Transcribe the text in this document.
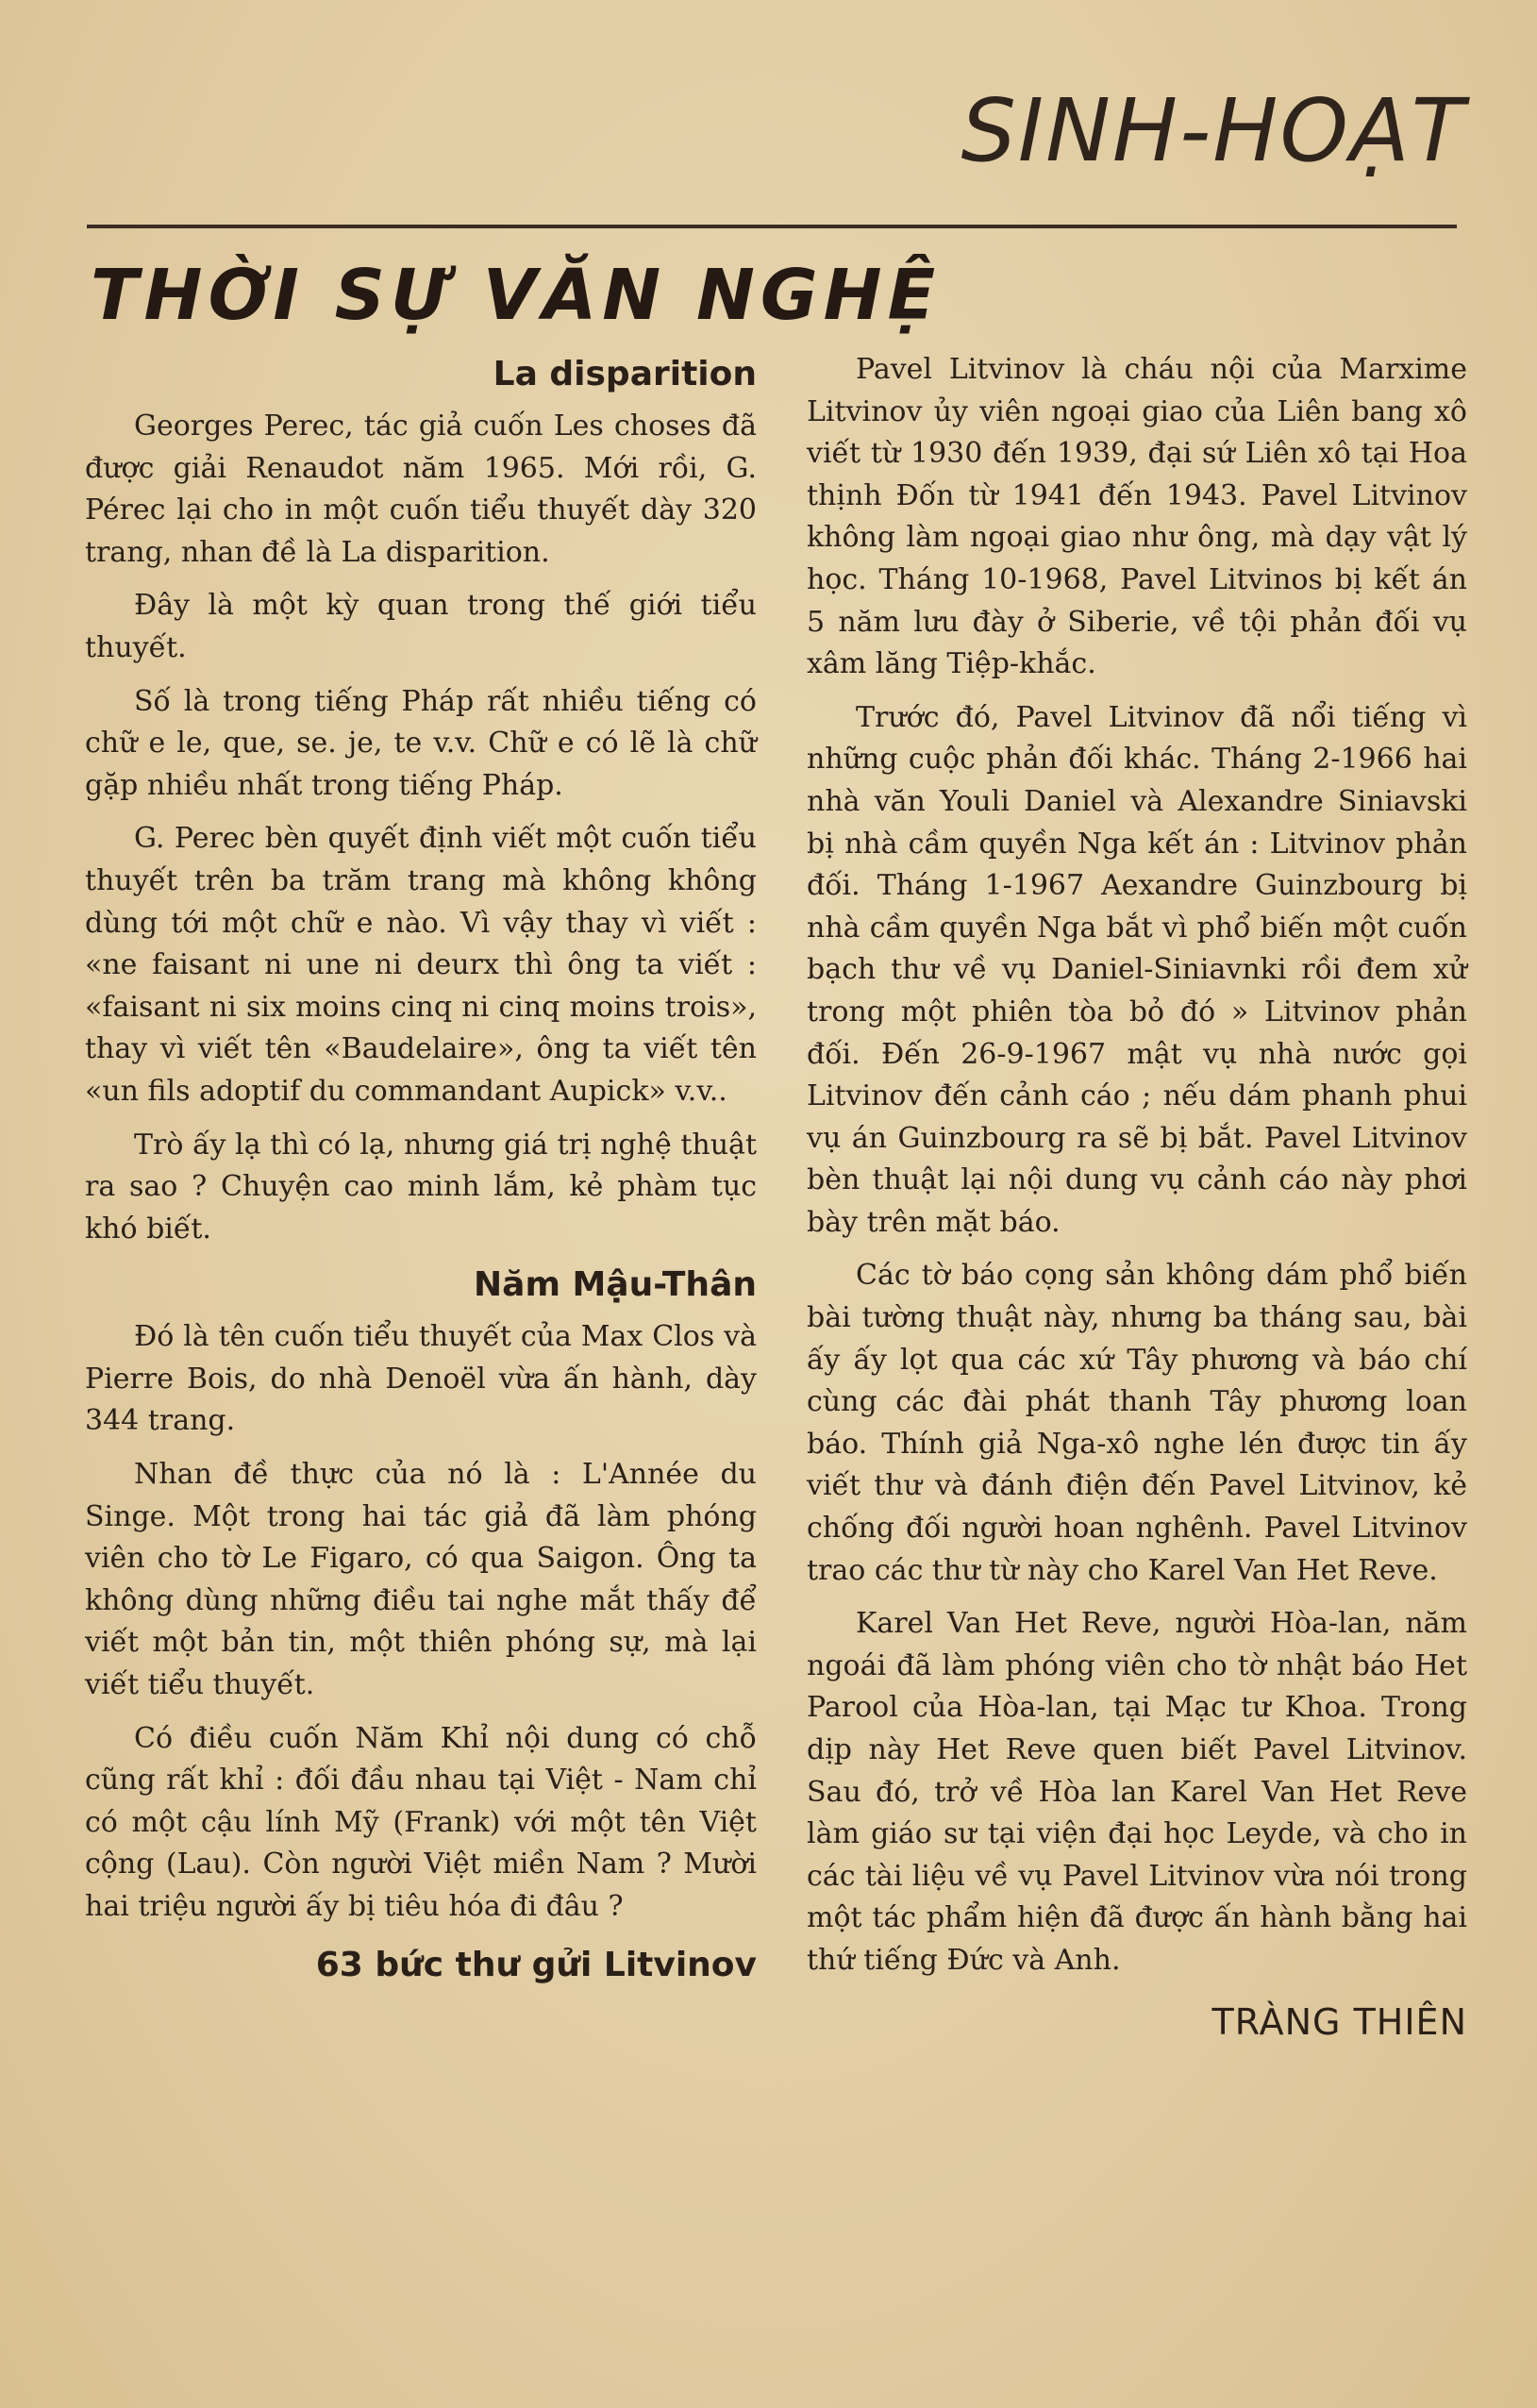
SINH-HOẠT
THỜI SỰ VĂN NGHỆ
La disparition

Georges Perec, tác giả cuốn Les choses đã được giải Renaudot năm 1965. Mới rồi, G. Pérec lại cho in một cuốn tiểu thuyết dày 320 trang, nhan đề là La disparition.

Đây là một kỳ quan trong thế giới tiểu thuyết.

Số là trong tiếng Pháp rất nhiều tiếng có chữ e le, que, se. je, te v.v. Chữ e có lẽ là chữ gặp nhiều nhất trong tiếng Pháp.

G. Perec bèn quyết định viết một cuốn tiểu thuyết trên ba trăm trang mà không không dùng tới một chữ e nào. Vì vậy thay vì viết : «ne faisant ni une ni deurx thì ông ta viết : «faisant ni six moins cinq ni cinq moins trois», thay vì viết tên «Baudelaire», ông ta viết tên «un fils adoptif du commandant Aupick» v.v..

Trò ấy lạ thì có lạ, nhưng giá trị nghệ thuật ra sao ? Chuyện cao minh lắm, kẻ phàm tục khó biết.

Năm Mậu-Thân

Đó là tên cuốn tiểu thuyết của Max Clos và Pierre Bois, do nhà Denoël vừa ấn hành, dày 344 trang.

Nhan đề thực của nó là : L'Année du Singe. Một trong hai tác giả đã làm phóng viên cho tờ Le Figaro, có qua Saigon. Ông ta không dùng những điều tai nghe mắt thấy để viết một bản tin, một thiên phóng sự, mà lại viết tiểu thuyết.

Có điều cuốn Năm Khỉ nội dung có chỗ cũng rất khỉ : đối đầu nhau tại Việt - Nam chỉ có một cậu lính Mỹ (Frank) với một tên Việt cộng (Lau). Còn người Việt miền Nam ? Mười hai triệu người ấy bị tiêu hóa đi đâu ?

63 bức thư gửi Litvinov

Pavel Litvinov là cháu nội của Marxime Litvinov ủy viên ngoại giao của Liên bang xô viết từ 1930 đến 1939, đại sứ Liên xô tại Hoa thịnh Đốn từ 1941 đến 1943. Pavel Litvinov không làm ngoại giao như ông, mà dạy vật lý học. Tháng 10-1968, Pavel Litvinos bị kết án 5 năm lưu đày ở Siberie, về tội phản đối vụ xâm lăng Tiệp-khắc.

Trước đó, Pavel Litvinov đã nổi tiếng vì những cuộc phản đối khác. Tháng 2-1966 hai nhà văn Youli Daniel và Alexandre Siniavski bị nhà cầm quyền Nga kết án : Litvinov phản đối. Tháng 1-1967 Aexandre Guinzbourg bị nhà cầm quyền Nga bắt vì phổ biến một cuốn bạch thư về vụ Daniel-Siniavnki rồi đem xử trong một phiên tòa bỏ đó » Litvinov phản đối. Đến 26-9-1967 mật vụ nhà nước gọi Litvinov đến cảnh cáo ; nếu dám phanh phui vụ án Guinzbourg ra sẽ bị bắt. Pavel Litvinov bèn thuật lại nội dung vụ cảnh cáo này phơi bày trên mặt báo.

Các tờ báo cọng sản không dám phổ biến bài tường thuật này, nhưng ba tháng sau, bài ấy ấy lọt qua các xứ Tây phương và báo chí cùng các đài phát thanh Tây phương loan báo. Thính giả Nga-xô nghe lén được tin ấy viết thư và đánh điện đến Pavel Litvinov, kẻ chống đối người hoan nghênh. Pavel Litvinov trao các thư từ này cho Karel Van Het Reve.

Karel Van Het Reve, người Hòa-lan, năm ngoái đã làm phóng viên cho tờ nhật báo Het Parool của Hòa-lan, tại Mạc tư Khoa. Trong dịp này Het Reve quen biết Pavel Litvinov. Sau đó, trở về Hòa lan Karel Van Het Reve làm giáo sư tại viện đại học Leyde, và cho in các tài liệu về vụ Pavel Litvinov vừa nói trong một tác phẩm hiện đã được ấn hành bằng hai thứ tiếng Đức và Anh.

TRÀNG THIÊN
